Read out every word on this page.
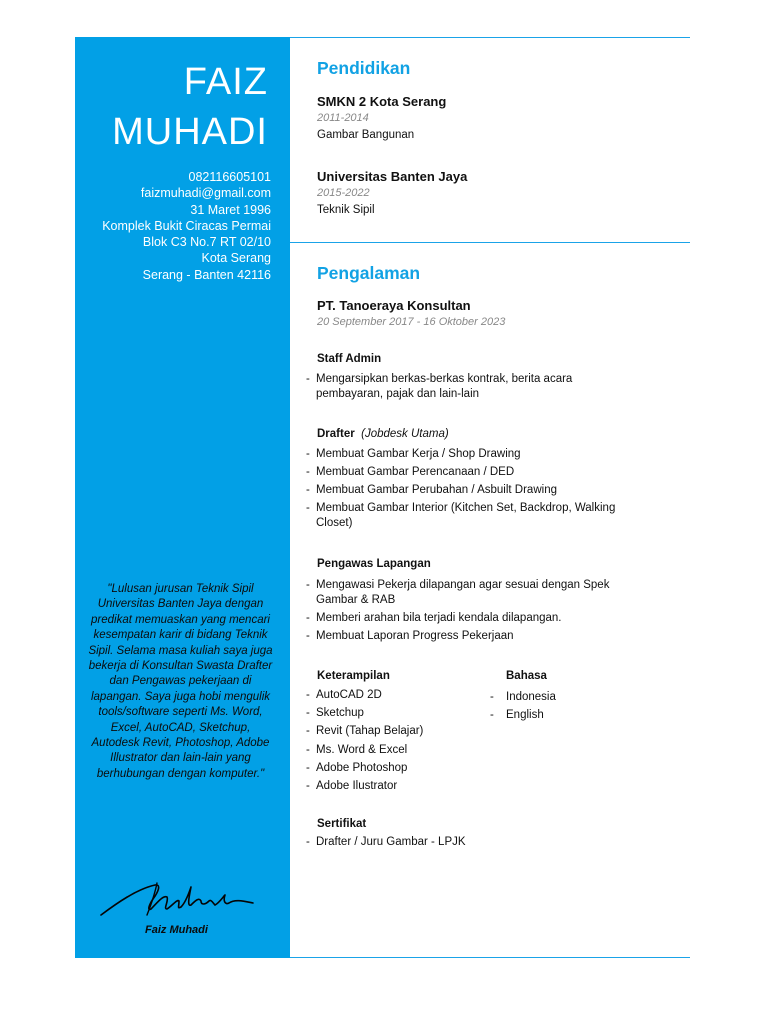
FAIZ
MUHADI
082116605101
faizmuhadi@gmail.com
31 Maret 1996
Komplek Bukit Ciracas Permai
Blok C3 No.7 RT 02/10
Kota Serang
Serang - Banten 42116
"Lulusan jurusan Teknik Sipil Universitas Banten Jaya dengan predikat memuaskan yang mencari kesempatan karir di bidang Teknik Sipil. Selama masa kuliah saya juga bekerja di Konsultan Swasta Drafter dan Pengawas pekerjaan di lapangan. Saya juga hobi mengulik tools/software seperti Ms. Word, Excel, AutoCAD, Sketchup, Autodesk Revit, Photoshop, Adobe Illustrator dan lain-lain yang berhubungan dengan komputer."
Faiz Muhadi
Pendidikan
SMKN 2 Kota Serang
2011-2014
Gambar Bangunan
Universitas Banten Jaya
2015-2022
Teknik Sipil
Pengalaman
PT. Tanoeraya Konsultan
20 September 2017 - 16 Oktober 2023
Staff Admin
- Mengarsipkan berkas-berkas kontrak, berita acara pembayaran, pajak dan lain-lain
Drafter (Jobdesk Utama)
- Membuat Gambar Kerja / Shop Drawing
- Membuat Gambar Perencanaan / DED
- Membuat Gambar Perubahan / Asbuilt Drawing
- Membuat Gambar Interior (Kitchen Set, Backdrop, Walking Closet)
Pengawas Lapangan
- Mengawasi Pekerja dilapangan agar sesuai dengan Spek Gambar & RAB
- Memberi arahan bila terjadi kendala dilapangan.
- Membuat Laporan Progress Pekerjaan
Keterampilan
- AutoCAD 2D
- Sketchup
- Revit (Tahap Belajar)
- Ms. Word & Excel
- Adobe Photoshop
- Adobe Ilustrator
Bahasa
- Indonesia
- English
Sertifikat
- Drafter / Juru Gambar - LPJK
